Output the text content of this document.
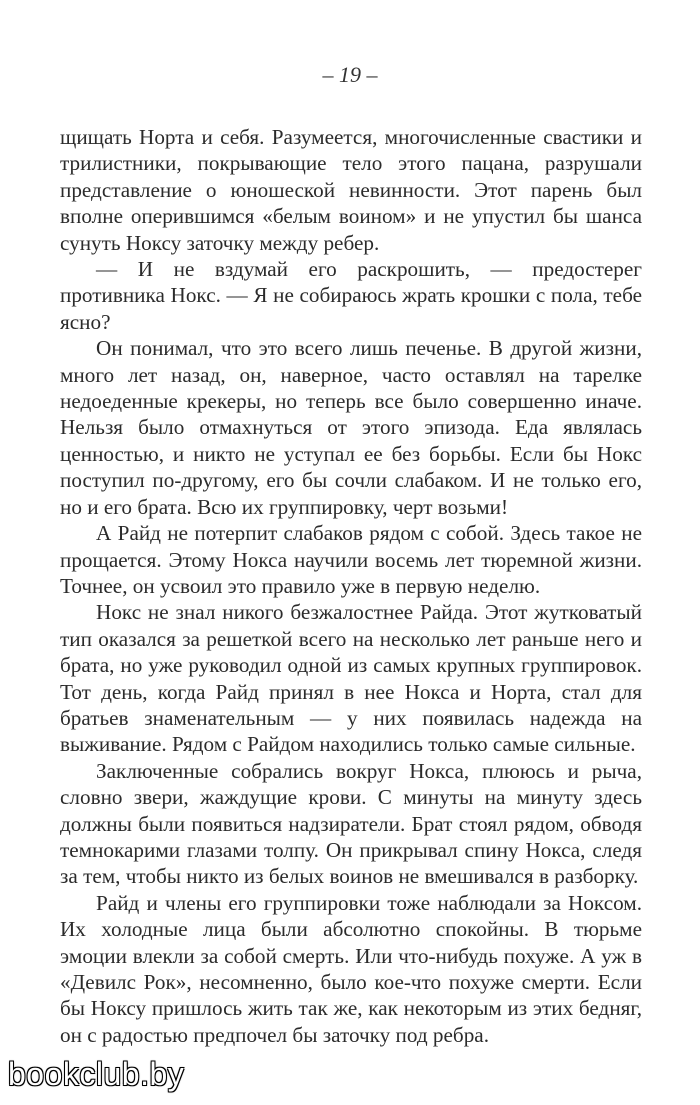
– 19 –

щищать Норта и себя. Разумеется, многочисленные свастики и трилистники, покрывающие тело этого пацана, разрушали представление о юношеской невинности. Этот парень был вполне оперившимся «белым воином» и не упустил бы шанса сунуть Ноксу заточку между ребер.

— И не вздумай его раскрошить, — предостерег противника Нокс. — Я не собираюсь жрать крошки с пола, тебе ясно?

Он понимал, что это всего лишь печенье. В другой жизни, много лет назад, он, наверное, часто оставлял на тарелке недоеденные крекеры, но теперь все было совершенно иначе. Нельзя было отмахнуться от этого эпизода. Еда являлась ценностью, и никто не уступал ее без борьбы. Если бы Нокс поступил по-другому, его бы сочли слабаком. И не только его, но и его брата. Всю их группировку, черт возьми!

А Райд не потерпит слабаков рядом с собой. Здесь такое не прощается. Этому Нокса научили восемь лет тюремной жизни. Точнее, он усвоил это правило уже в первую неделю.

Нокс не знал никого безжалостнее Райда. Этот жутковатый тип оказался за решеткой всего на несколько лет раньше него и брата, но уже руководил одной из самых крупных группировок. Тот день, когда Райд принял в нее Нокса и Норта, стал для братьев знаменательным — у них появилась надежда на выживание. Рядом с Райдом находились только самые сильные.

Заключенные собрались вокруг Нокса, плююсь и рыча, словно звери, жаждущие крови. С минуты на минуту здесь должны были появиться надзиратели. Брат стоял рядом, обводя темнокарими глазами толпу. Он прикрывал спину Нокса, следя за тем, чтобы никто из белых воинов не вмешивался в разборку.

Райд и члены его группировки тоже наблюдали за Ноксом. Их холодные лица были абсолютно спокойны. В тюрьме эмоции влекли за собой смерть. Или что-нибудь похуже. А уж в «Девилс Рок», несомненно, было кое-что похуже смерти. Если бы Ноксу пришлось жить так же, как некоторым из этих бедняг, он с радостью предпочел бы заточку под ребра.

bookclub.by
